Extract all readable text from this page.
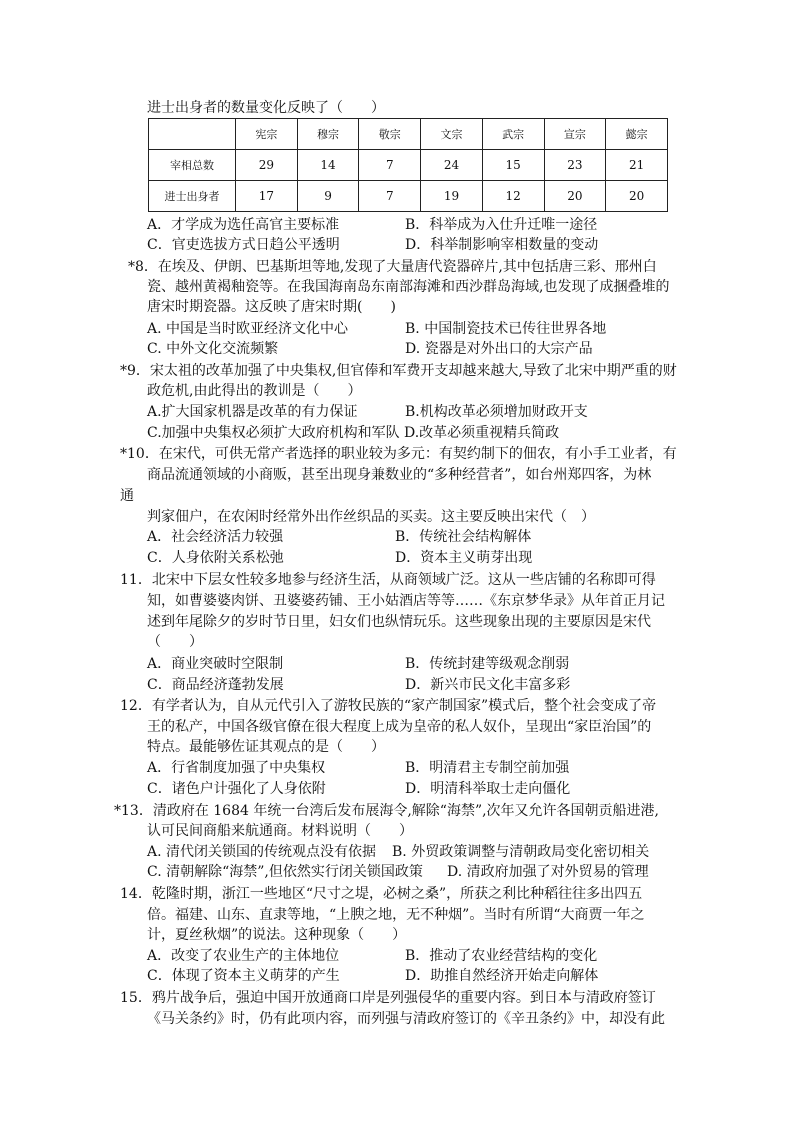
进士出身者的数量变化反映了（　　）
	宪宗	穆宗	敬宗	文宗	武宗	宣宗	懿宗
宰相总数	29	14	7	24	15	23	21
进士出身者	17	9	7	19	12	20	20
A．才学成为选任高官主要标准	B．科举成为入仕升迁唯一途径
C．官吏选拔方式日趋公平透明	D．科举制影响宰相数量的变动
*8．在埃及、伊朗、巴基斯坦等地,发现了大量唐代瓷器碎片,其中包括唐三彩、邢州白
瓷、越州黄褐釉瓷等。在我国海南岛东南部海滩和西沙群岛海域,也发现了成捆叠堆的
唐宋时期瓷器。这反映了唐宋时期(　　)
A. 中国是当时欧亚经济文化中心	B. 中国制瓷技术已传往世界各地
C. 中外文化交流频繁	D. 瓷器是对外出口的大宗产品
*9．宋太祖的改革加强了中央集权,但官俸和军费开支却越来越大,导致了北宋中期严重的财
政危机,由此得出的教训是（　　）
A.扩大国家机器是改革的有力保证	B.机构改革必须增加财政开支
C.加强中央集权必须扩大政府机构和军队 D.改革必须重视精兵简政
*10．在宋代，可供无常产者选择的职业较为多元：有契约制下的佃农，有小手工业者，有
商品流通领域的小商贩，甚至出现身兼数业的“多种经营者”，如台州郑四客，为林
通
判家佃户，在农闲时经常外出作丝织品的买卖。这主要反映出宋代（　）
A．社会经济活力较强	B．传统社会结构解体
C．人身依附关系松弛	D．资本主义萌芽出现
11．北宋中下层女性较多地参与经济生活，从商领域广泛。这从一些店铺的名称即可得
知，如曹婆婆肉饼、丑婆婆药铺、王小姑酒店等等……《东京梦华录》从年首正月记
述到年尾除夕的岁时节日里，妇女们也纵情玩乐。这些现象出现的主要原因是宋代
（　　）
A．商业突破时空限制	B．传统封建等级观念削弱
C．商品经济蓬勃发展	D．新兴市民文化丰富多彩
12．有学者认为，自从元代引入了游牧民族的“家产制国家”模式后，整个社会变成了帝
王的私产，中国各级官僚在很大程度上成为皇帝的私人奴仆，呈现出“家臣治国”的
特点。最能够佐证其观点的是（　　）
A．行省制度加强了中央集权	B．明清君主专制空前加强
C．诸色户计强化了人身依附	D．明清科举取士走向僵化
*13．清政府在 1684 年统一台湾后发布展海令,解除“海禁”,次年又允许各国朝贡船进港,
认可民间商船来航通商。材料说明（　　）
A. 清代闭关锁国的传统观点没有依据 B. 外贸政策调整与清朝政局变化密切相关
C. 清朝解除“海禁”,但依然实行闭关锁国政策 D. 清政府加强了对外贸易的管理
14．乾隆时期，浙江一些地区“尺寸之堤，必树之桑”，所获之利比种稻往往多出四五
倍。福建、山东、直隶等地，“上腴之地，无不种烟”。当时有所谓“大商贾一年之
计，夏丝秋烟”的说法。这种现象（　　）
A．改变了农业生产的主体地位	B．推动了农业经营结构的变化
C．体现了资本主义萌芽的产生	D．助推自然经济开始走向解体
15．鸦片战争后，强迫中国开放通商口岸是列强侵华的重要内容。到日本与清政府签订
《马关条约》时，仍有此项内容，而列强与清政府签订的《辛丑条约》中，却没有此
